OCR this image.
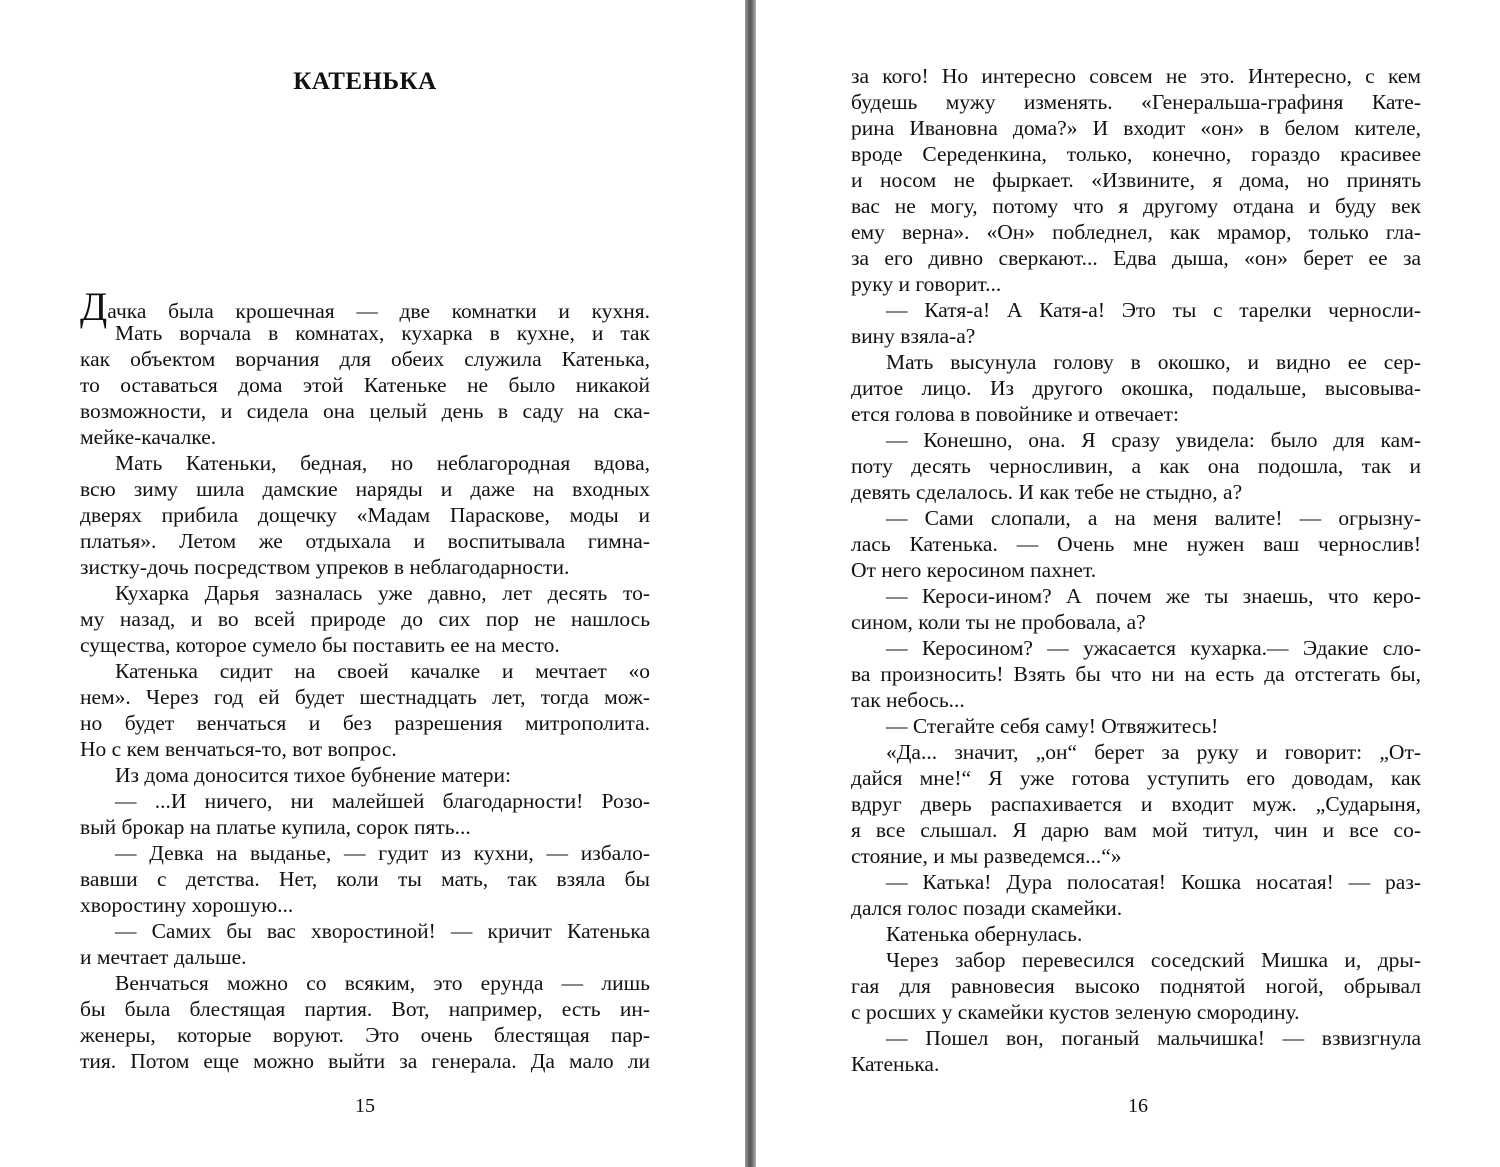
КАТЕНЬКА
Дачка была крошечная — две комнатки и кухня.
Мать ворчала в комнатах, кухарка в кухне, и так
как объектом ворчания для обеих служила Катенька,
то оставаться дома этой Катеньке не было никакой
возможности, и сидела она целый день в саду на ска-
мейке-качалке.
Мать Катеньки, бедная, но неблагородная вдова,
всю зиму шила дамские наряды и даже на входных
дверях прибила дощечку «Мадам Параскове, моды и
платья». Летом же отдыхала и воспитывала гимна-
зистку-дочь посредством упреков в неблагодарности.
Кухарка Дарья зазналась уже давно, лет десять то-
му назад, и во всей природе до сих пор не нашлось
существа, которое сумело бы поставить ее на место.
Катенька сидит на своей качалке и мечтает «о
нем». Через год ей будет шестнадцать лет, тогда мож-
но будет венчаться и без разрешения митрополита.
Но с кем венчаться-то, вот вопрос.
Из дома доносится тихое бубнение матери:
— ...И ничего, ни малейшей благодарности! Розо-
вый брокар на платье купила, сорок пять...
— Девка на выданье, — гудит из кухни, — избало-
вавши с детства. Нет, коли ты мать, так взяла бы
хворостину хорошую...
— Самих бы вас хворостиной! — кричит Катенька
и мечтает дальше.
Венчаться можно со всяким, это ерунда — лишь
бы была блестящая партия. Вот, например, есть ин-
женеры, которые воруют. Это очень блестящая пар-
тия. Потом еще можно выйти за генерала. Да мало ли
15
за кого! Но интересно совсем не это. Интересно, с кем
будешь мужу изменять. «Генеральша-графиня Кате-
рина Ивановна дома?» И входит «он» в белом кителе,
вроде Середенкина, только, конечно, гораздо красивее
и носом не фыркает. «Извините, я дома, но принять
вас не могу, потому что я другому отдана и буду век
ему верна». «Он» побледнел, как мрамор, только гла-
за его дивно сверкают... Едва дыша, «он» берет ее за
руку и говорит...
— Катя-а! А Катя-а! Это ты с тарелки черносли-
вину взяла-а?
Мать высунула голову в окошко, и видно ее сер-
дитое лицо. Из другого окошка, подальше, высовыва-
ется голова в повойнике и отвечает:
— Конешно, она. Я сразу увидела: было для кам-
поту десять черносливин, а как она подошла, так и
девять сделалось. И как тебе не стыдно, а?
— Сами слопали, а на меня валите! — огрызну-
лась Катенька. — Очень мне нужен ваш чернослив!
От него керосином пахнет.
— Кероси-ином? А почем же ты знаешь, что керо-
сином, коли ты не пробовала, а?
— Керосином? — ужасается кухарка.— Эдакие сло-
ва произносить! Взять бы что ни на есть да отстегать бы,
так небось...
— Стегайте себя саму! Отвяжитесь!
«Да... значит, „он“ берет за руку и говорит: „От-
дайся мне!“ Я уже готова уступить его доводам, как
вдруг дверь распахивается и входит муж. „Сударыня,
я все слышал. Я дарю вам мой титул, чин и все со-
стояние, и мы разведемся...“»
— Катька! Дура полосатая! Кошка носатая! — раз-
дался голос позади скамейки.
Катенька обернулась.
Через забор перевесился соседский Мишка и, дры-
гая для равновесия высоко поднятой ногой, обрывал
с росших у скамейки кустов зеленую смородину.
— Пошел вон, поганый мальчишка! — взвизгнула
Катенька.
16
